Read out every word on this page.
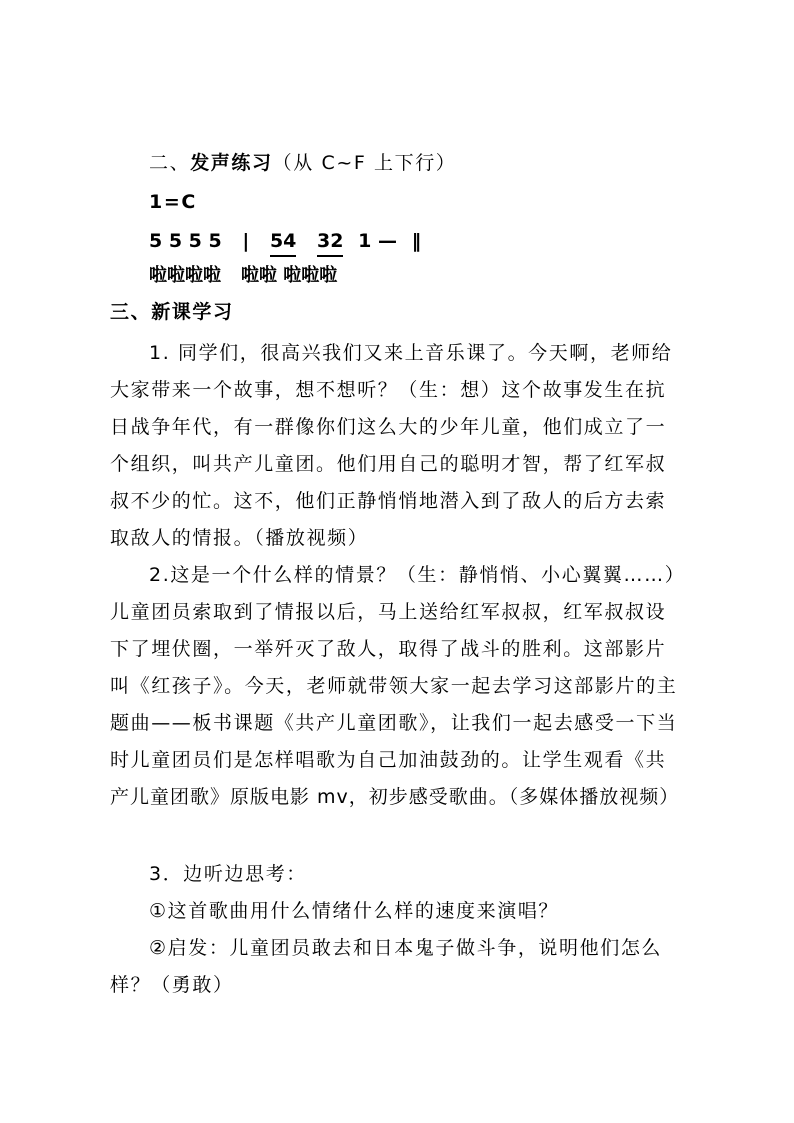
二、发声练习（从 C~F 上下行）
1=C
5 5 5 5 | 54 32 1 — ‖
啦啦啦啦 啦啦 啦啦啦
三、新课学习
1. 同学们，很高兴我们又来上音乐课了。今天啊，老师给
大家带来一个故事，想不想听？（生：想）这个故事发生在抗
日战争年代，有一群像你们这么大的少年儿童，他们成立了一
个组织，叫共产儿童团。他们用自己的聪明才智，帮了红军叔
叔不少的忙。这不，他们正静悄悄地潜入到了敌人的后方去索
取敌人的情报。（播放视频）
2.这是一个什么样的情景？（生：静悄悄、小心翼翼……）
儿童团员索取到了情报以后，马上送给红军叔叔，红军叔叔设
下了埋伏圈，一举歼灭了敌人，取得了战斗的胜利。这部影片
叫《红孩子》。今天，老师就带领大家一起去学习这部影片的主
题曲——板书课题《共产儿童团歌》，让我们一起去感受一下当
时儿童团员们是怎样唱歌为自己加油鼓劲的。让学生观看《共
产儿童团歌》原版电影 mv，初步感受歌曲。（多媒体播放视频）
3．边听边思考：
①这首歌曲用什么情绪什么样的速度来演唱？
②启发：儿童团员敢去和日本鬼子做斗争，说明他们怎么
样？（勇敢）
